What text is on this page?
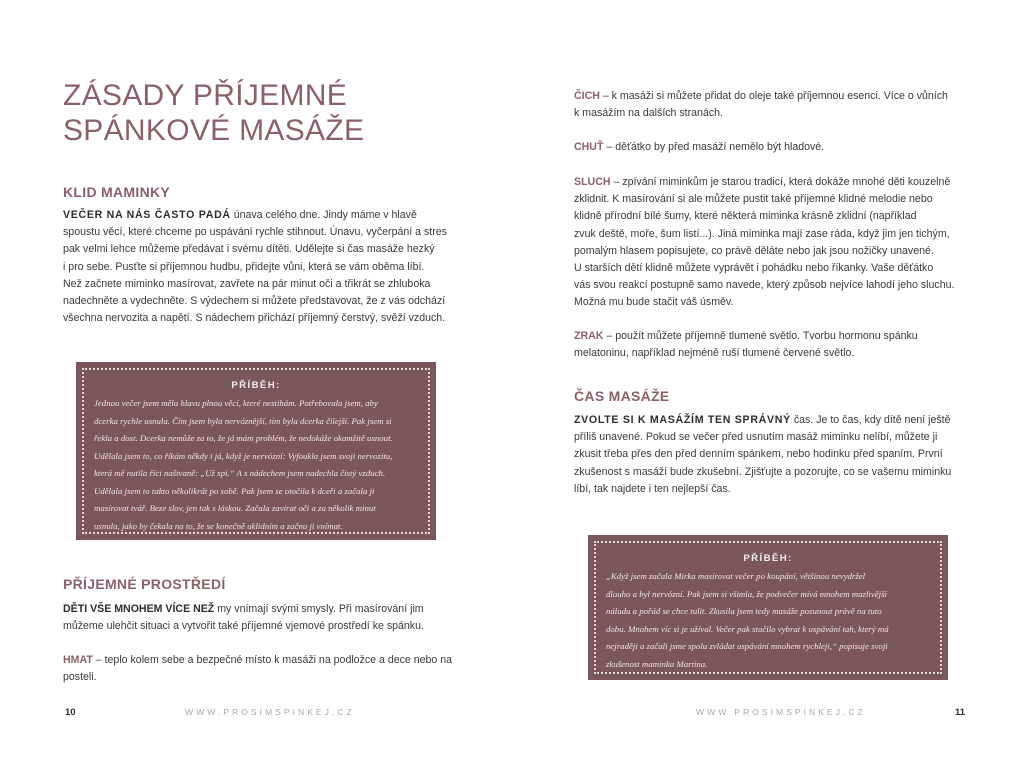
ZÁSADY PŘÍJEMNÉ
SPÁNKOVÉ MASÁŽE
KLID MAMINKY
VEČER NA NÁS ČASTO PADÁ únava celého dne. Jindy máme v hlavě
spoustu věcí, které chceme po uspávání rychle stihnout. Únavu, vyčerpání a stres
pak velmi lehce můžeme předávat i svému dítěti. Udělejte si čas masáže hezký
i pro sebe. Pusťte si příjemnou hudbu, přidejte vůni, která se vám oběma líbí.
Než začnete miminko masírovat, zavřete na pár minut oči a třikrát se zhluboka
nadechněte a vydechněte. S výdechem si můžete představovat, že z vás odchází
všechna nervozita a napětí. S nádechem přichází příjemný čerstvý, svěží vzduch.

PŘÍBĚH:

Jednou večer jsem měla hlavu plnou věcí, které nestihám. Potřebovala jsem, aby
dcerka rychle usnula. Čím jsem byla nervóznější, tím byla dcerka čilejší. Pak jsem si
řekla a dost. Dcerka nemůže za to, že já mám problém, že nedokáže okamžitě usnout.
Udělala jsem to, co říkám někdy i já, když je nervózní: Vyfoukla jsem svoji nervozitu,
která mě nutila říci naštvaně: „Už spi.“ A s nádechem jsem nadechla čistý vzduch.
Udělala jsem to takto několikrát po sobě. Pak jsem se otočila k dceři a začala ji
masírovat tvář. Beze slov, jen tak s láskou. Začala zavírat oči a za několik minut
usnula, jako by čekala na to, že se konečně uklidním a začnu ji vnímat.

PŘÍJEMNÉ PROSTŘEDÍ
DĚTI VŠE MNOHEM VÍCE NEŽ my vnímají svými smysly. Při masírování jim
můžeme ulehčit situaci a vytvořit také příjemné vjemové prostředí ke spánku.
HMAT – teplo kolem sebe a bezpečné místo k masáži na podložce a dece nebo na
posteli.
10	WWW.PROSIMSPINKEJ.CZ
ČICH – k masáži si můžete přidat do oleje také příjemnou esenci. Více o vůních
k masážím na dalších stranách.
CHUŤ – děťátko by před masáží nemělo být hladové.
SLUCH – zpívání miminkům je starou tradicí, která dokáže mnohé děti kouzelně
zklidnit. K masírování si ale můžete pustit také příjemné klidné melodie nebo
klidně přírodní bílé šumy, které některá miminka krásně zklidní (například
zvuk deště, moře, šum listí...). Jiná miminka mají zase ráda, když jim jen tichým,
pomalým hlasem popisujete, co právě děláte nebo jak jsou nožičky unavené.
U starších dětí klidně můžete vyprávět i pohádku nebo říkanky. Vaše děťátko
vás svou reakcí postupně samo navede, který způsob nejvíce lahodí jeho sluchu.
Možná mu bude stačit váš úsměv.
ZRAK – použít můžete příjemně tlumené světlo. Tvorbu hormonu spánku
melatoninu, například nejméně ruší tlumené červené světlo.
ČAS MASÁŽE
ZVOLTE SI K MASÁŽÍM TEN SPRÁVNÝ čas. Je to čas, kdy dítě není ještě
příliš unavené. Pokud se večer před usnutím masáž miminku nelíbí, můžete ji
zkusit třeba přes den před denním spánkem, nebo hodinku před spaním. První
zkušenost s masáží bude zkušební. Zjišťujte a pozorujte, co se vašemu miminku
líbí, tak najdete i ten nejlepší čas.

PŘÍBĚH:

„Když jsem začala Mirka masírovat večer po koupání, většinou nevydržel
dlouho a byl nervózní. Pak jsem si všimla, že podvečer mívá mnohem mazlivější
náladu a pořád se chce tulit. Zkusila jsem tedy masáže posunout právě na tuto
dobu. Mnohem víc si je užíval. Večer pak stačilo vybrat k uspávání tah, který má
nejraději a začali jsme spolu zvládat uspávání mnohem rychleji,“ popisuje svoji
zkušenost maminka Martina.

WWW.PROSIMSPINKEJ.CZ	11
